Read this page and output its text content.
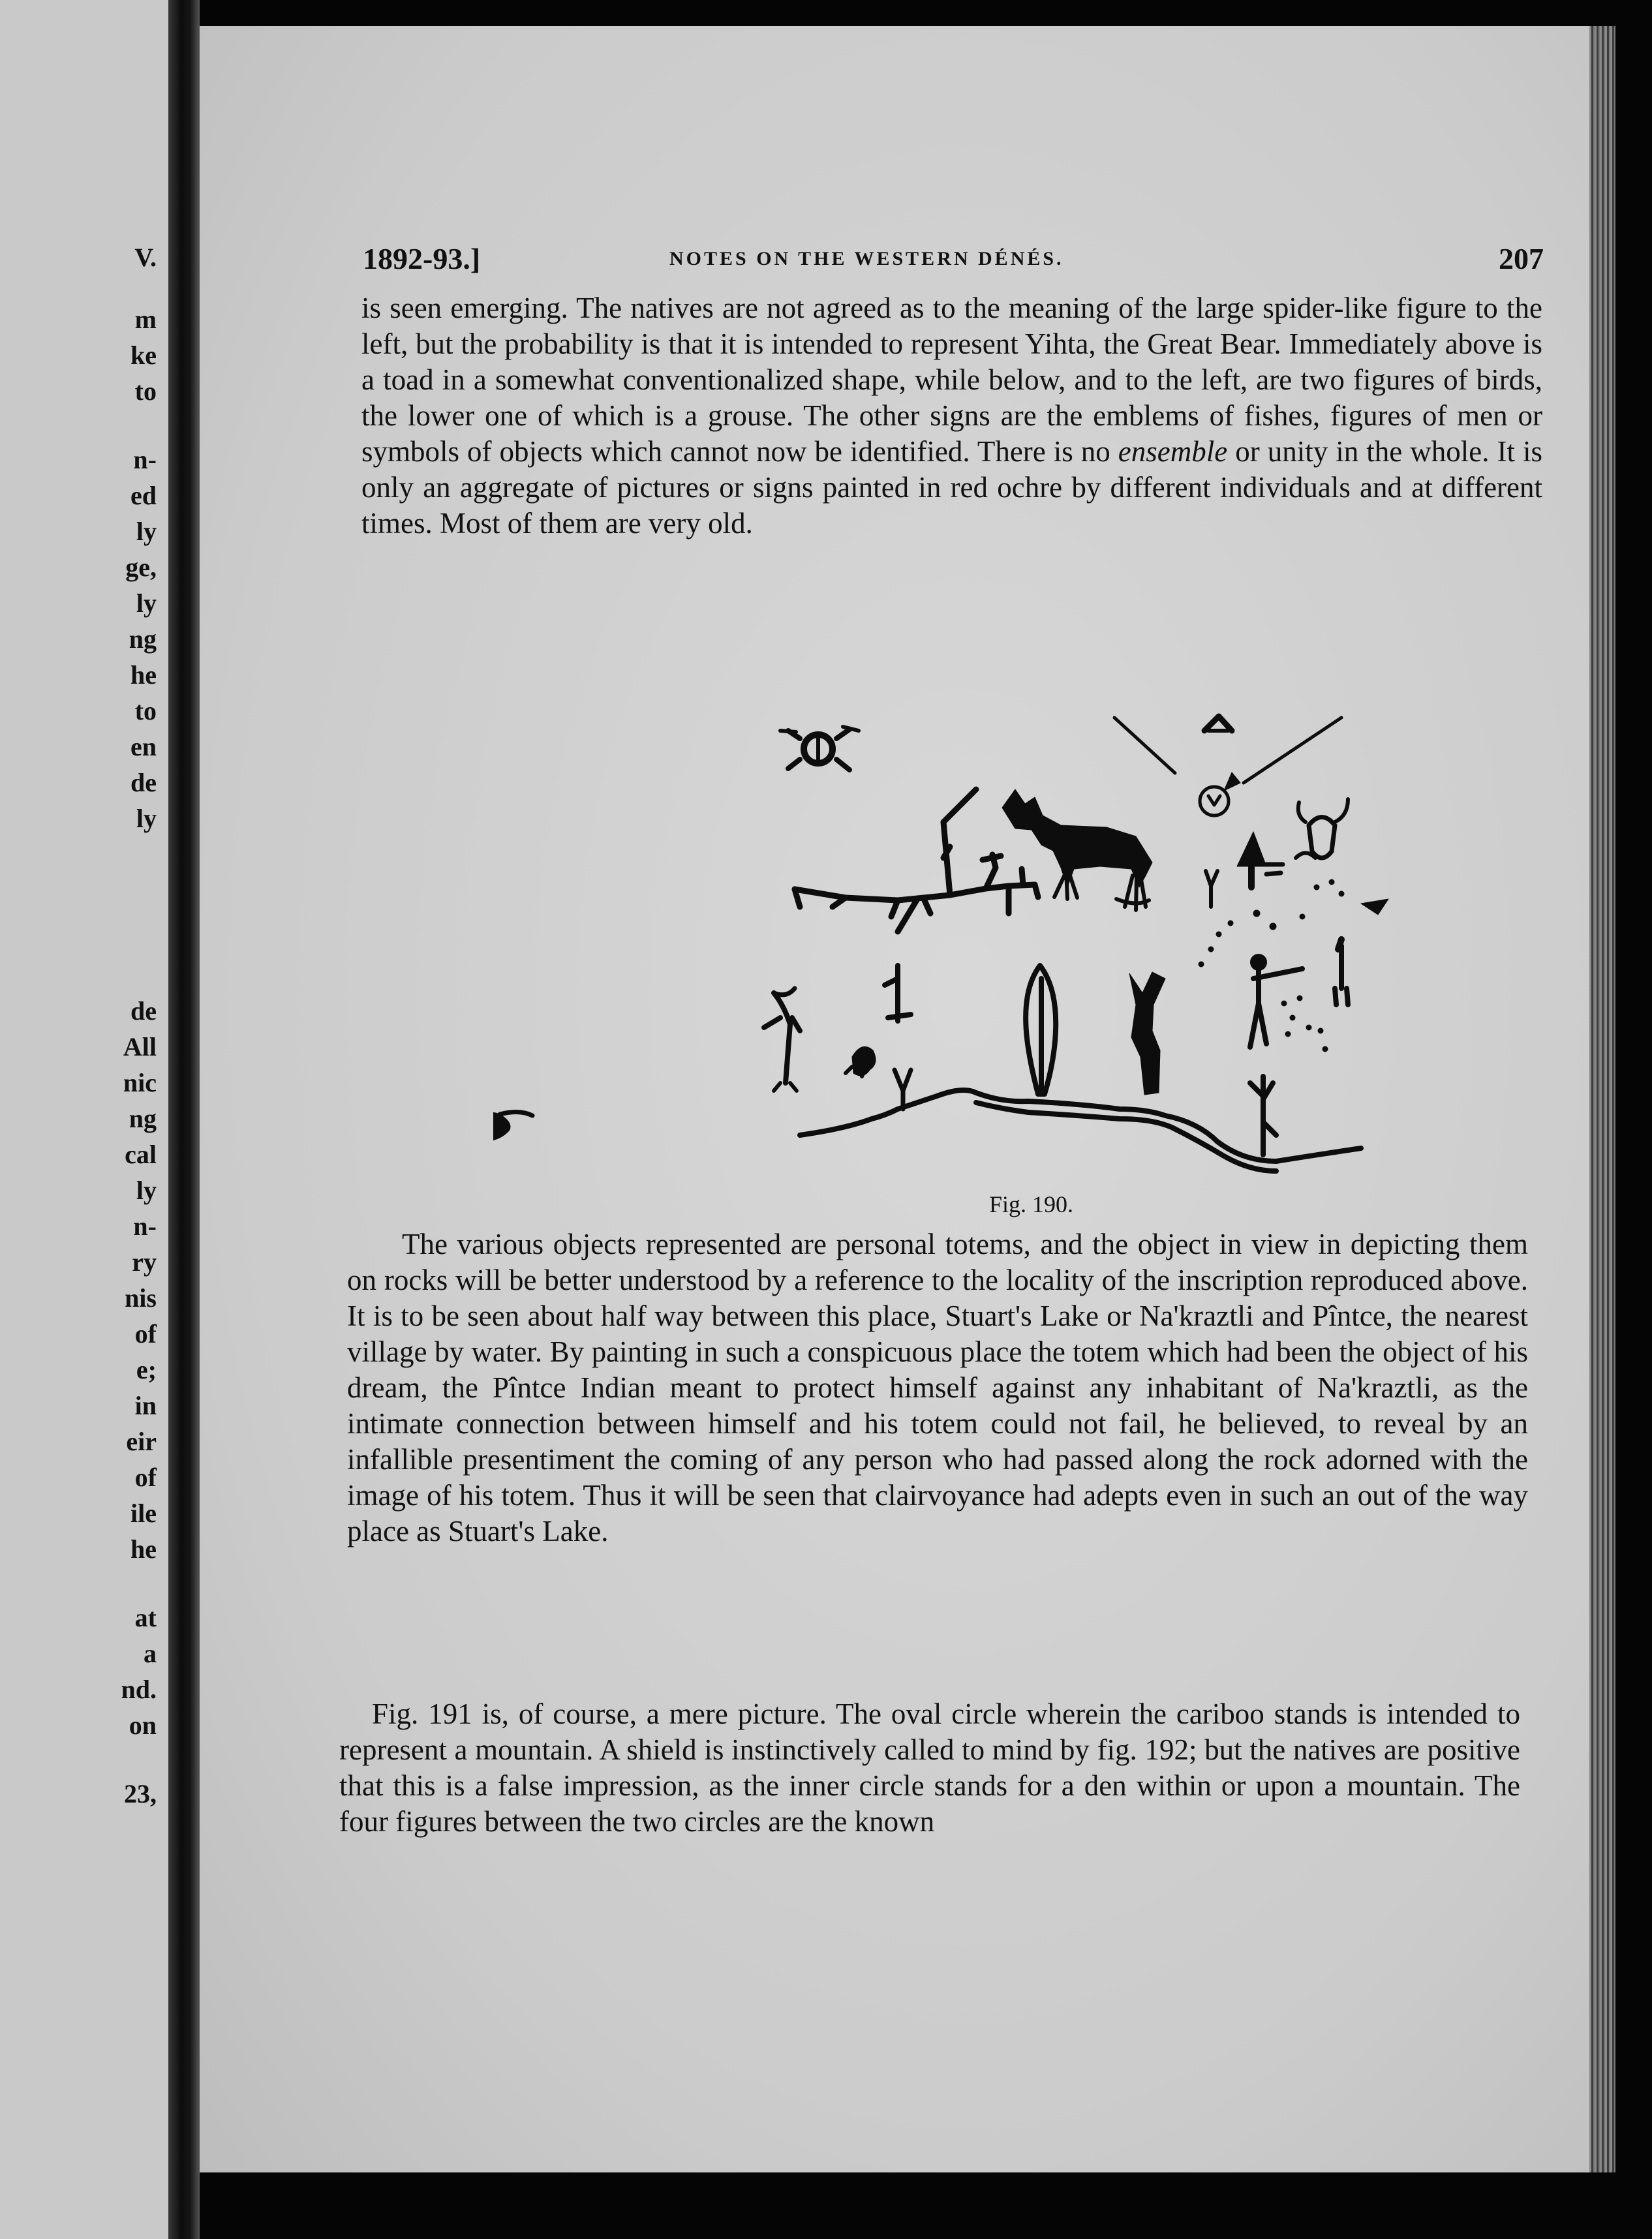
V.
m
ke
to
n-
ed
ly
ge,
ly
ng
he
to
en
de
ly
de
All
nic
ng
cal
ly
n-
ry
nis
of
e;
in
eir
of
ile
he
at
a
nd.
on
23,
1892-93.]	NOTES ON THE WESTERN DÉNÉS.	207
is seen emerging. The natives are not agreed as to the meaning of the large spider-like figure to the left, but the probability is that it is intended to represent Yihta, the Great Bear. Immediately above is a toad in a somewhat conventionalized shape, while below, and to the left, are two figures of birds, the lower one of which is a grouse. The other signs are the emblems of fishes, figures of men or symbols of objects which cannot now be identified. There is no ensemble or unity in the whole. It is only an aggregate of pictures or signs painted in red ochre by different individuals and at different times. Most of them are very old.
Fig. 190.
The various objects represented are personal totems, and the object in view in depicting them on rocks will be better understood by a reference to the locality of the inscription reproduced above. It is to be seen about half way between this place, Stuart's Lake or Na'kraztli and Pîntce, the nearest village by water. By painting in such a conspicuous place the totem which had been the object of his dream, the Pîntce Indian meant to protect himself against any inhabitant of Na'kraztli, as the intimate connection between himself and his totem could not fail, he believed, to reveal by an infallible presentiment the coming of any person who had passed along the rock adorned with the image of his totem. Thus it will be seen that clairvoyance had adepts even in such an out of the way place as Stuart's Lake.
Fig. 191 is, of course, a mere picture. The oval circle wherein the cariboo stands is intended to represent a mountain. A shield is instinctively called to mind by fig. 192; but the natives are positive that this is a false impression, as the inner circle stands for a den within or upon a mountain. The four figures between the two circles are the known
